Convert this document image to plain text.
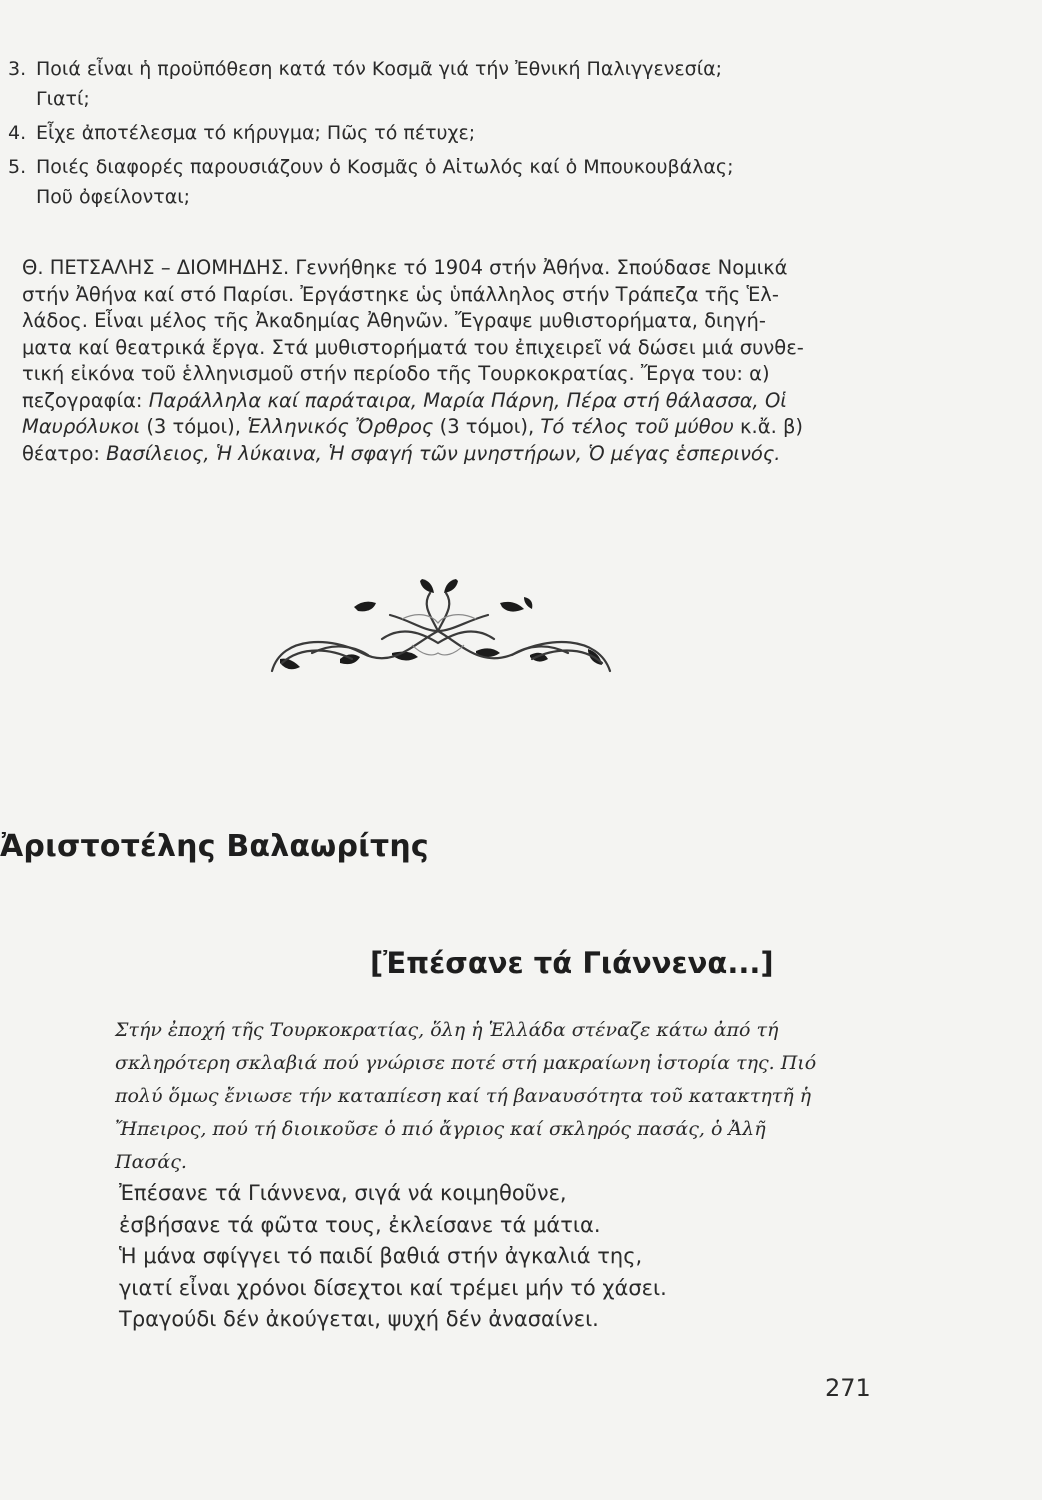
3. Ποιά εἶναι ἡ προϋπόθεση κατά τόν Κοσμᾶ γιά τήν Ἐθνική Παλιγγενεσία;
Γιατί;
4. Εἶχε ἀποτέλεσμα τό κήρυγμα; Πῶς τό πέτυχε;
5. Ποιές διαφορές παρουσιάζουν ὁ Κοσμᾶς ὁ Αἰτωλός καί ὁ Μπουκουβάλας;
Ποῦ ὀφείλονται;
Θ. ΠΕΤΣΑΛΗΣ – ΔΙΟΜΗΔΗΣ. Γεννήθηκε τό 1904 στήν Ἀθήνα. Σπούδασε Νομικά
στήν Ἀθήνα καί στό Παρίσι. Ἐργάστηκε ὡς ὑπάλληλος στήν Τράπεζα τῆς Ἑλ-
λάδος. Εἶναι μέλος τῆς Ἀκαδημίας Ἀθηνῶν. Ἔγραψε μυθιστορήματα, διηγή-
ματα καί θεατρικά ἔργα. Στά μυθιστορήματά του ἐπιχειρεῖ νά δώσει μιά συνθε-
τική εἰκόνα τοῦ ἑλληνισμοῦ στήν περίοδο τῆς Τουρκοκρατίας. Ἔργα του: α)
πεζογραφία: Παράλληλα καί παράταιρα, Μαρία Πάρνη, Πέρα στή θάλασσα, Οἱ
Μαυρόλυκοι (3 τόμοι), Ἑλληνικός Ὄρθρος (3 τόμοι), Τό τέλος τοῦ μύθου κ.ἄ. β)
θέατρο: Βασίλειος, Ἡ λύκαινα, Ἡ σφαγή τῶν μνηστήρων, Ὁ μέγας ἑσπερινός.
Ἀριστοτέλης Βαλαωρίτης
[Ἐπέσανε τά Γιάννενα...]
Στήν ἐποχή τῆς Τουρκοκρατίας, ὅλη ἡ Ἑλλάδα στέναζε κάτω ἀπό τή
σκληρότερη σκλαβιά πού γνώρισε ποτέ στή μακραίωνη ἱστορία της. Πιό
πολύ ὅμως ἔνιωσε τήν καταπίεση καί τή βαναυσότητα τοῦ κατακτητῆ ἡ
Ἤπειρος, πού τή διοικοῦσε ὁ πιό ἄγριος καί σκληρός πασάς, ὁ Ἀλῆ
Πασάς.
Ἐπέσανε τά Γιάννενα, σιγά νά κοιμηθοῦνε,
ἐσβήσανε τά φῶτα τους, ἐκλείσανε τά μάτια.
Ἡ μάνα σφίγγει τό παιδί βαθιά στήν ἀγκαλιά της,
γιατί εἶναι χρόνοι δίσεχτοι καί τρέμει μήν τό χάσει.
Τραγούδι δέν ἀκούγεται, ψυχή δέν ἀνασαίνει.
271
